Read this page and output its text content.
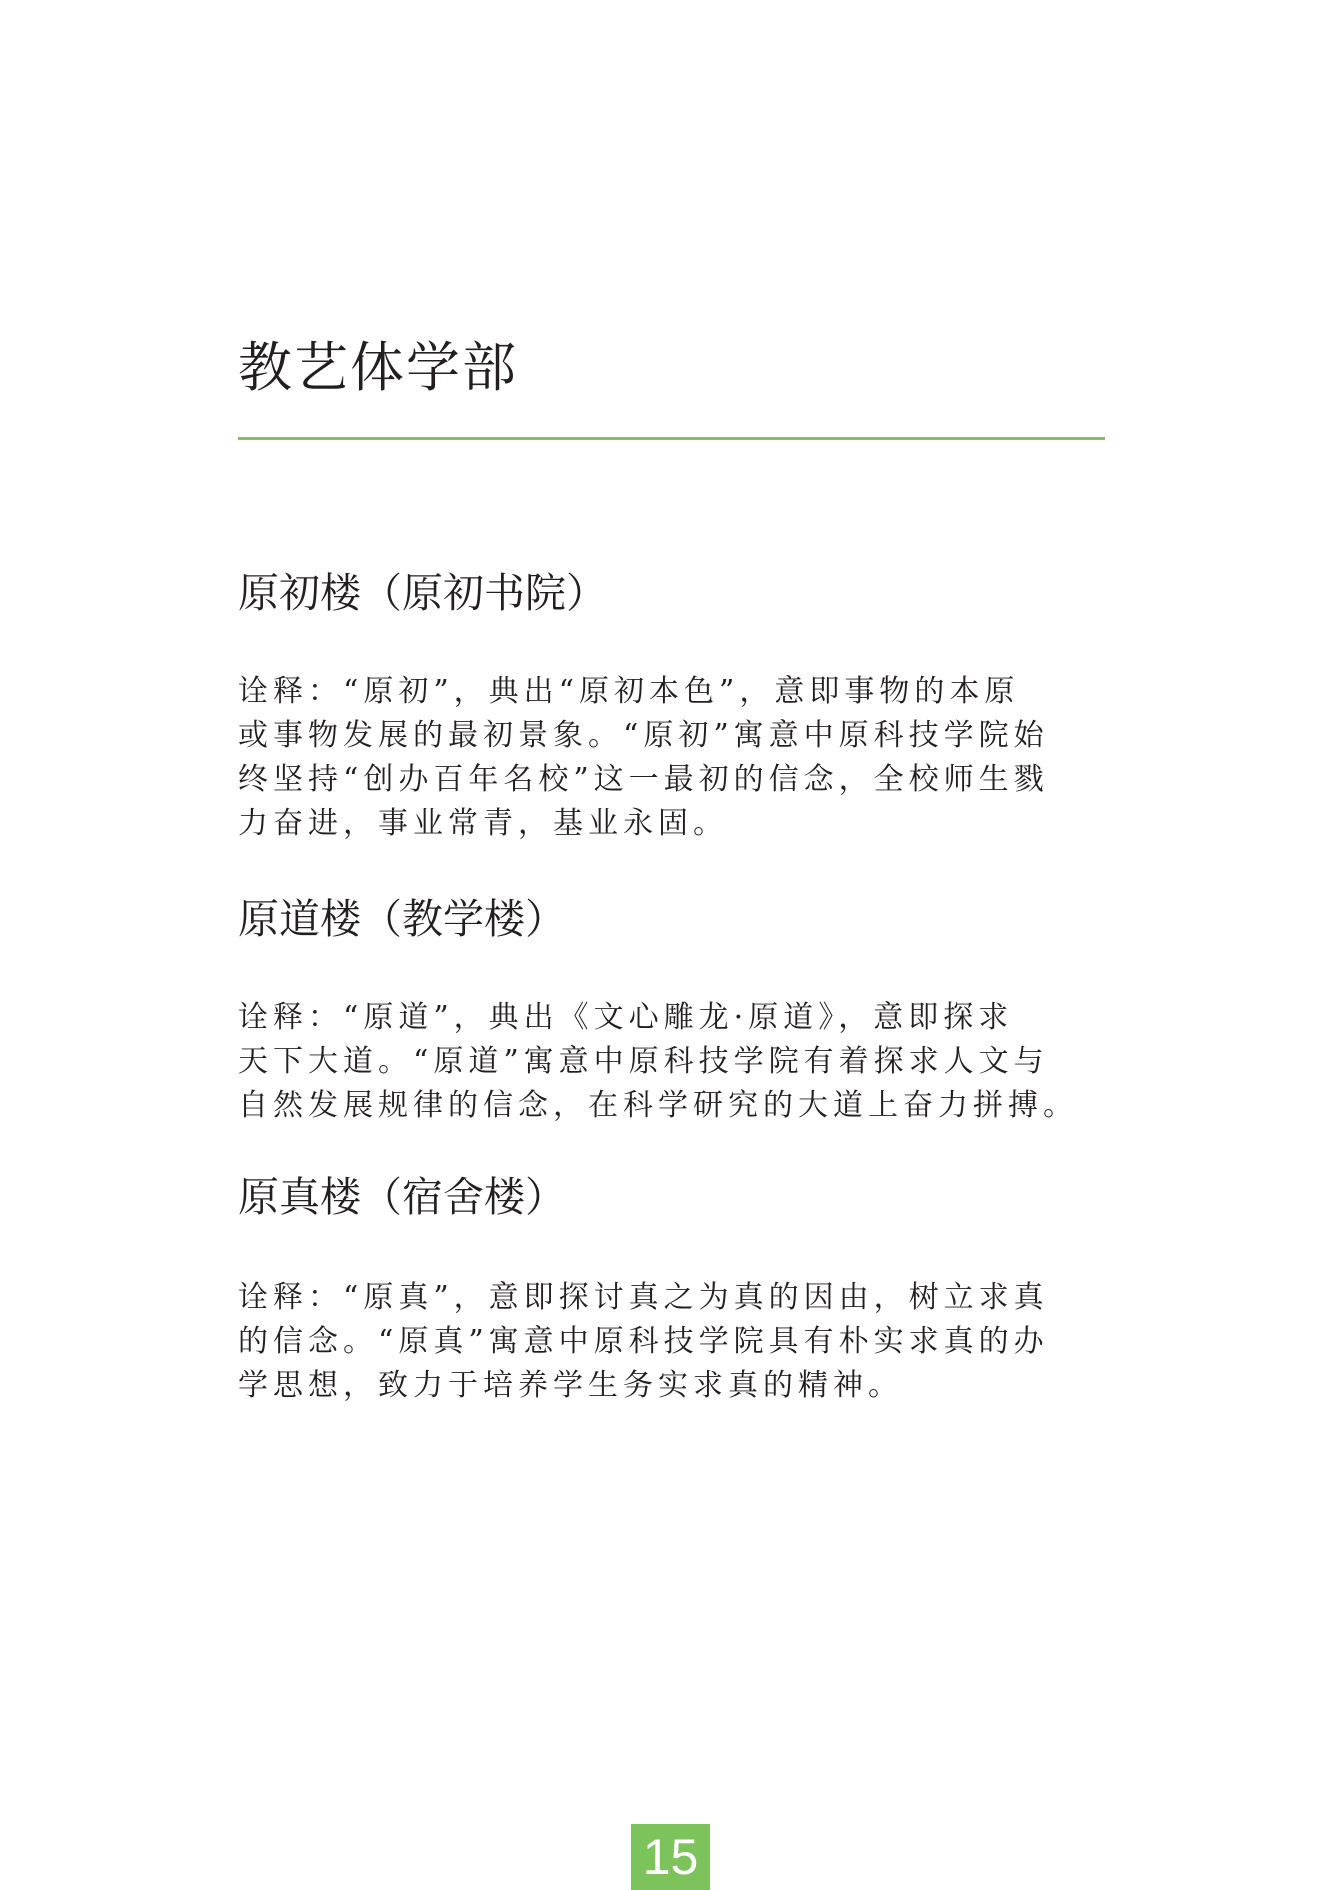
教艺体学部
原初楼（原初书院）
诠释：“原初”，典出“原初本色”，意即事物的本原
或事物发展的最初景象。“原初”寓意中原科技学院始
终坚持“创办百年名校”这一最初的信念，全校师生戮
力奋进，事业常青，基业永固。
原道楼（教学楼）
诠释：“原道”，典出《文心雕龙·原道》，意即探求
天下大道。“原道”寓意中原科技学院有着探求人文与
自然发展规律的信念，在科学研究的大道上奋力拼搏。
原真楼（宿舍楼）
诠释：“原真”，意即探讨真之为真的因由，树立求真
的信念。“原真”寓意中原科技学院具有朴实求真的办
学思想，致力于培养学生务实求真的精神。
15
